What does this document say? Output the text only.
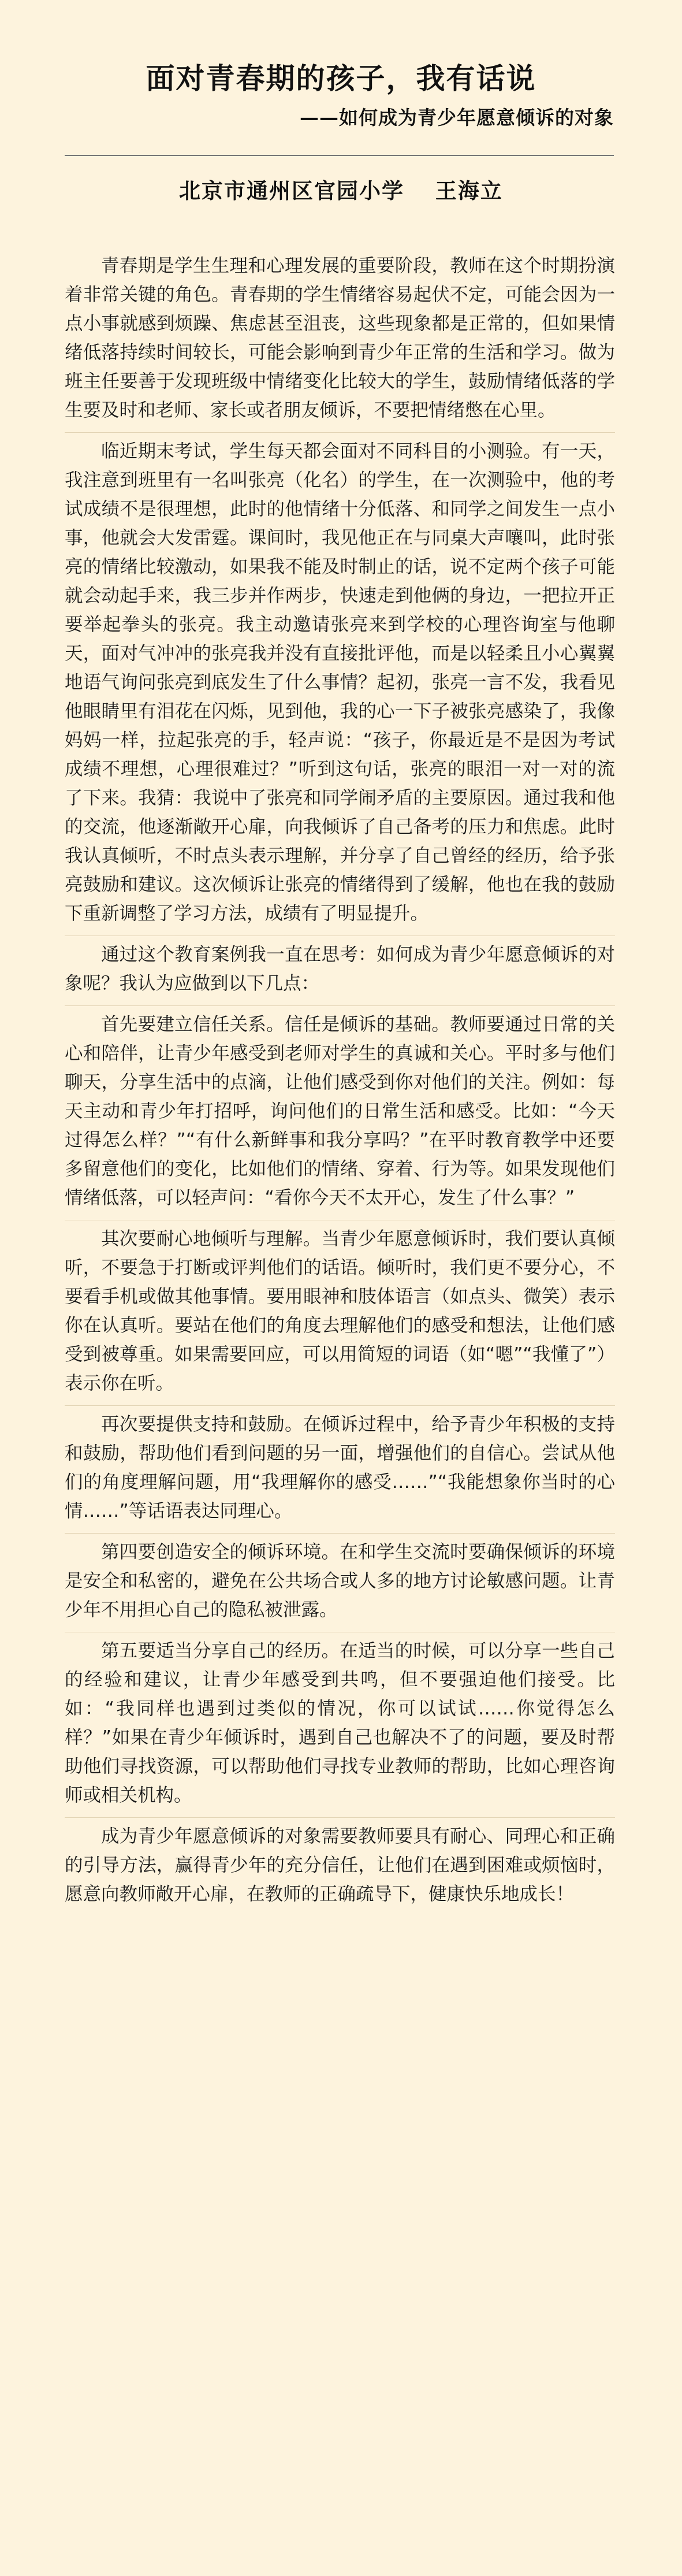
面对青春期的孩子，我有话说
——如何成为青少年愿意倾诉的对象
北京市通州区官园小学　 王海立

青春期是学生生理和心理发展的重要阶段，教师在这个时期扮演着非常关键的角色。青春期的学生情绪容易起伏不定，可能会因为一点小事就感到烦躁、焦虑甚至沮丧，这些现象都是正常的，但如果情绪低落持续时间较长，可能会影响到青少年正常的生活和学习。做为班主任要善于发现班级中情绪变化比较大的学生，鼓励情绪低落的学生要及时和老师、家长或者朋友倾诉，不要把情绪憋在心里。

临近期末考试，学生每天都会面对不同科目的小测验。有一天，我注意到班里有一名叫张亮（化名）的学生，在一次测验中，他的考试成绩不是很理想，此时的他情绪十分低落、和同学之间发生一点小事，他就会大发雷霆。课间时，我见他正在与同桌大声嚷叫，此时张亮的情绪比较激动，如果我不能及时制止的话，说不定两个孩子可能就会动起手来，我三步并作两步，快速走到他俩的身边，一把拉开正要举起拳头的张亮。我主动邀请张亮来到学校的心理咨询室与他聊天，面对气冲冲的张亮我并没有直接批评他，而是以轻柔且小心翼翼地语气询问张亮到底发生了什么事情？起初，张亮一言不发，我看见他眼睛里有泪花在闪烁，见到他，我的心一下子被张亮感染了，我像妈妈一样，拉起张亮的手，轻声说：“孩子，你最近是不是因为考试成绩不理想，心理很难过？”听到这句话，张亮的眼泪一对一对的流了下来。我猜：我说中了张亮和同学闹矛盾的主要原因。通过我和他的交流，他逐渐敞开心扉，向我倾诉了自己备考的压力和焦虑。此时我认真倾听，不时点头表示理解，并分享了自己曾经的经历，给予张亮鼓励和建议。这次倾诉让张亮的情绪得到了缓解，他也在我的鼓励下重新调整了学习方法，成绩有了明显提升。

通过这个教育案例我一直在思考：如何成为青少年愿意倾诉的对象呢？我认为应做到以下几点：

首先要建立信任关系。信任是倾诉的基础。教师要通过日常的关心和陪伴，让青少年感受到老师对学生的真诚和关心。平时多与他们聊天，分享生活中的点滴，让他们感受到你对他们的关注。例如：每天主动和青少年打招呼，询问他们的日常生活和感受。比如：“今天过得怎么样？”“有什么新鲜事和我分享吗？”在平时教育教学中还要多留意他们的变化，比如他们的情绪、穿着、行为等。如果发现他们情绪低落，可以轻声问：“看你今天不太开心，发生了什么事？”

其次要耐心地倾听与理解。当青少年愿意倾诉时，我们要认真倾听，不要急于打断或评判他们的话语。倾听时，我们更不要分心，不要看手机或做其他事情。要用眼神和肢体语言（如点头、微笑）表示你在认真听。要站在他们的角度去理解他们的感受和想法，让他们感受到被尊重。如果需要回应，可以用简短的词语（如“嗯”“我懂了”）表示你在听。

再次要提供支持和鼓励。在倾诉过程中，给予青少年积极的支持和鼓励，帮助他们看到问题的另一面，增强他们的自信心。尝试从他们的角度理解问题，用“我理解你的感受……”“我能想象你当时的心情……”等话语表达同理心。

第四要创造安全的倾诉环境。在和学生交流时要确保倾诉的环境是安全和私密的，避免在公共场合或人多的地方讨论敏感问题。让青少年不用担心自己的隐私被泄露。

第五要适当分享自己的经历。在适当的时候，可以分享一些自己的经验和建议，让青少年感受到共鸣，但不要强迫他们接受。比如：“我同样也遇到过类似的情况，你可以试试……你觉得怎么样？”如果在青少年倾诉时，遇到自己也解决不了的问题，要及时帮助他们寻找资源，可以帮助他们寻找专业教师的帮助，比如心理咨询师或相关机构。

成为青少年愿意倾诉的对象需要教师要具有耐心、同理心和正确的引导方法，赢得青少年的充分信任，让他们在遇到困难或烦恼时，愿意向教师敞开心扉，在教师的正确疏导下，健康快乐地成长！
